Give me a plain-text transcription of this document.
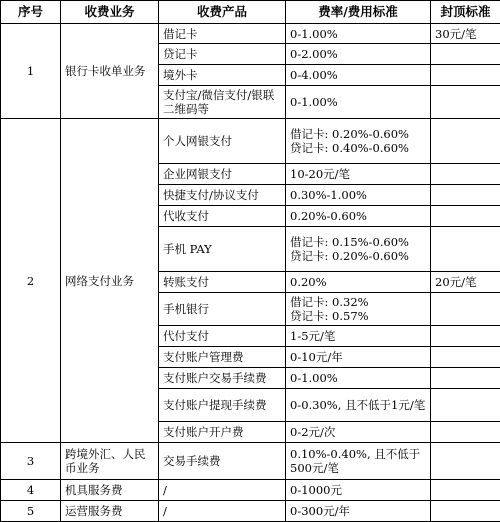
序号	收费业务	收费产品	费率/费用标准	封顶标准
1	银行卡收单业务	借记卡	0-1.00%	30元/笔
		贷记卡	0-2.00%	
		境外卡	0-4.00%	
		支付宝/微信支付/银联二维码等	0-1.00%	
2	网络支付业务	个人网银支付	借记卡: 0.20%-0.60%
贷记卡: 0.40%-0.60%	

		企业网银支付	10-20元/笔	
		快捷支付/协议支付	0.30%-1.00%	
		代收支付	0.20%-0.60%	
		手机 PAY	借记卡: 0.15%-0.60%
贷记卡: 0.20%-0.60%	

		转账支付	0.20%	20元/笔
		手机银行	借记卡: 0.32%
贷记卡: 0.57%	

		代付支付	1-5元/笔	
		支付账户管理费	0-10元/年	
		支付账户交易手续费	0-1.00%	
		支付账户提现手续费	0-0.30%, 且不低于1元/笔	
		支付账户开户费	0-2元/次	
3	跨境外汇、人民币业务	交易手续费	0.10%-0.40%, 且不低于500元/笔	
4	机具服务费	/	0-1000元	
5	运营服务费	/	0-300元/年	
